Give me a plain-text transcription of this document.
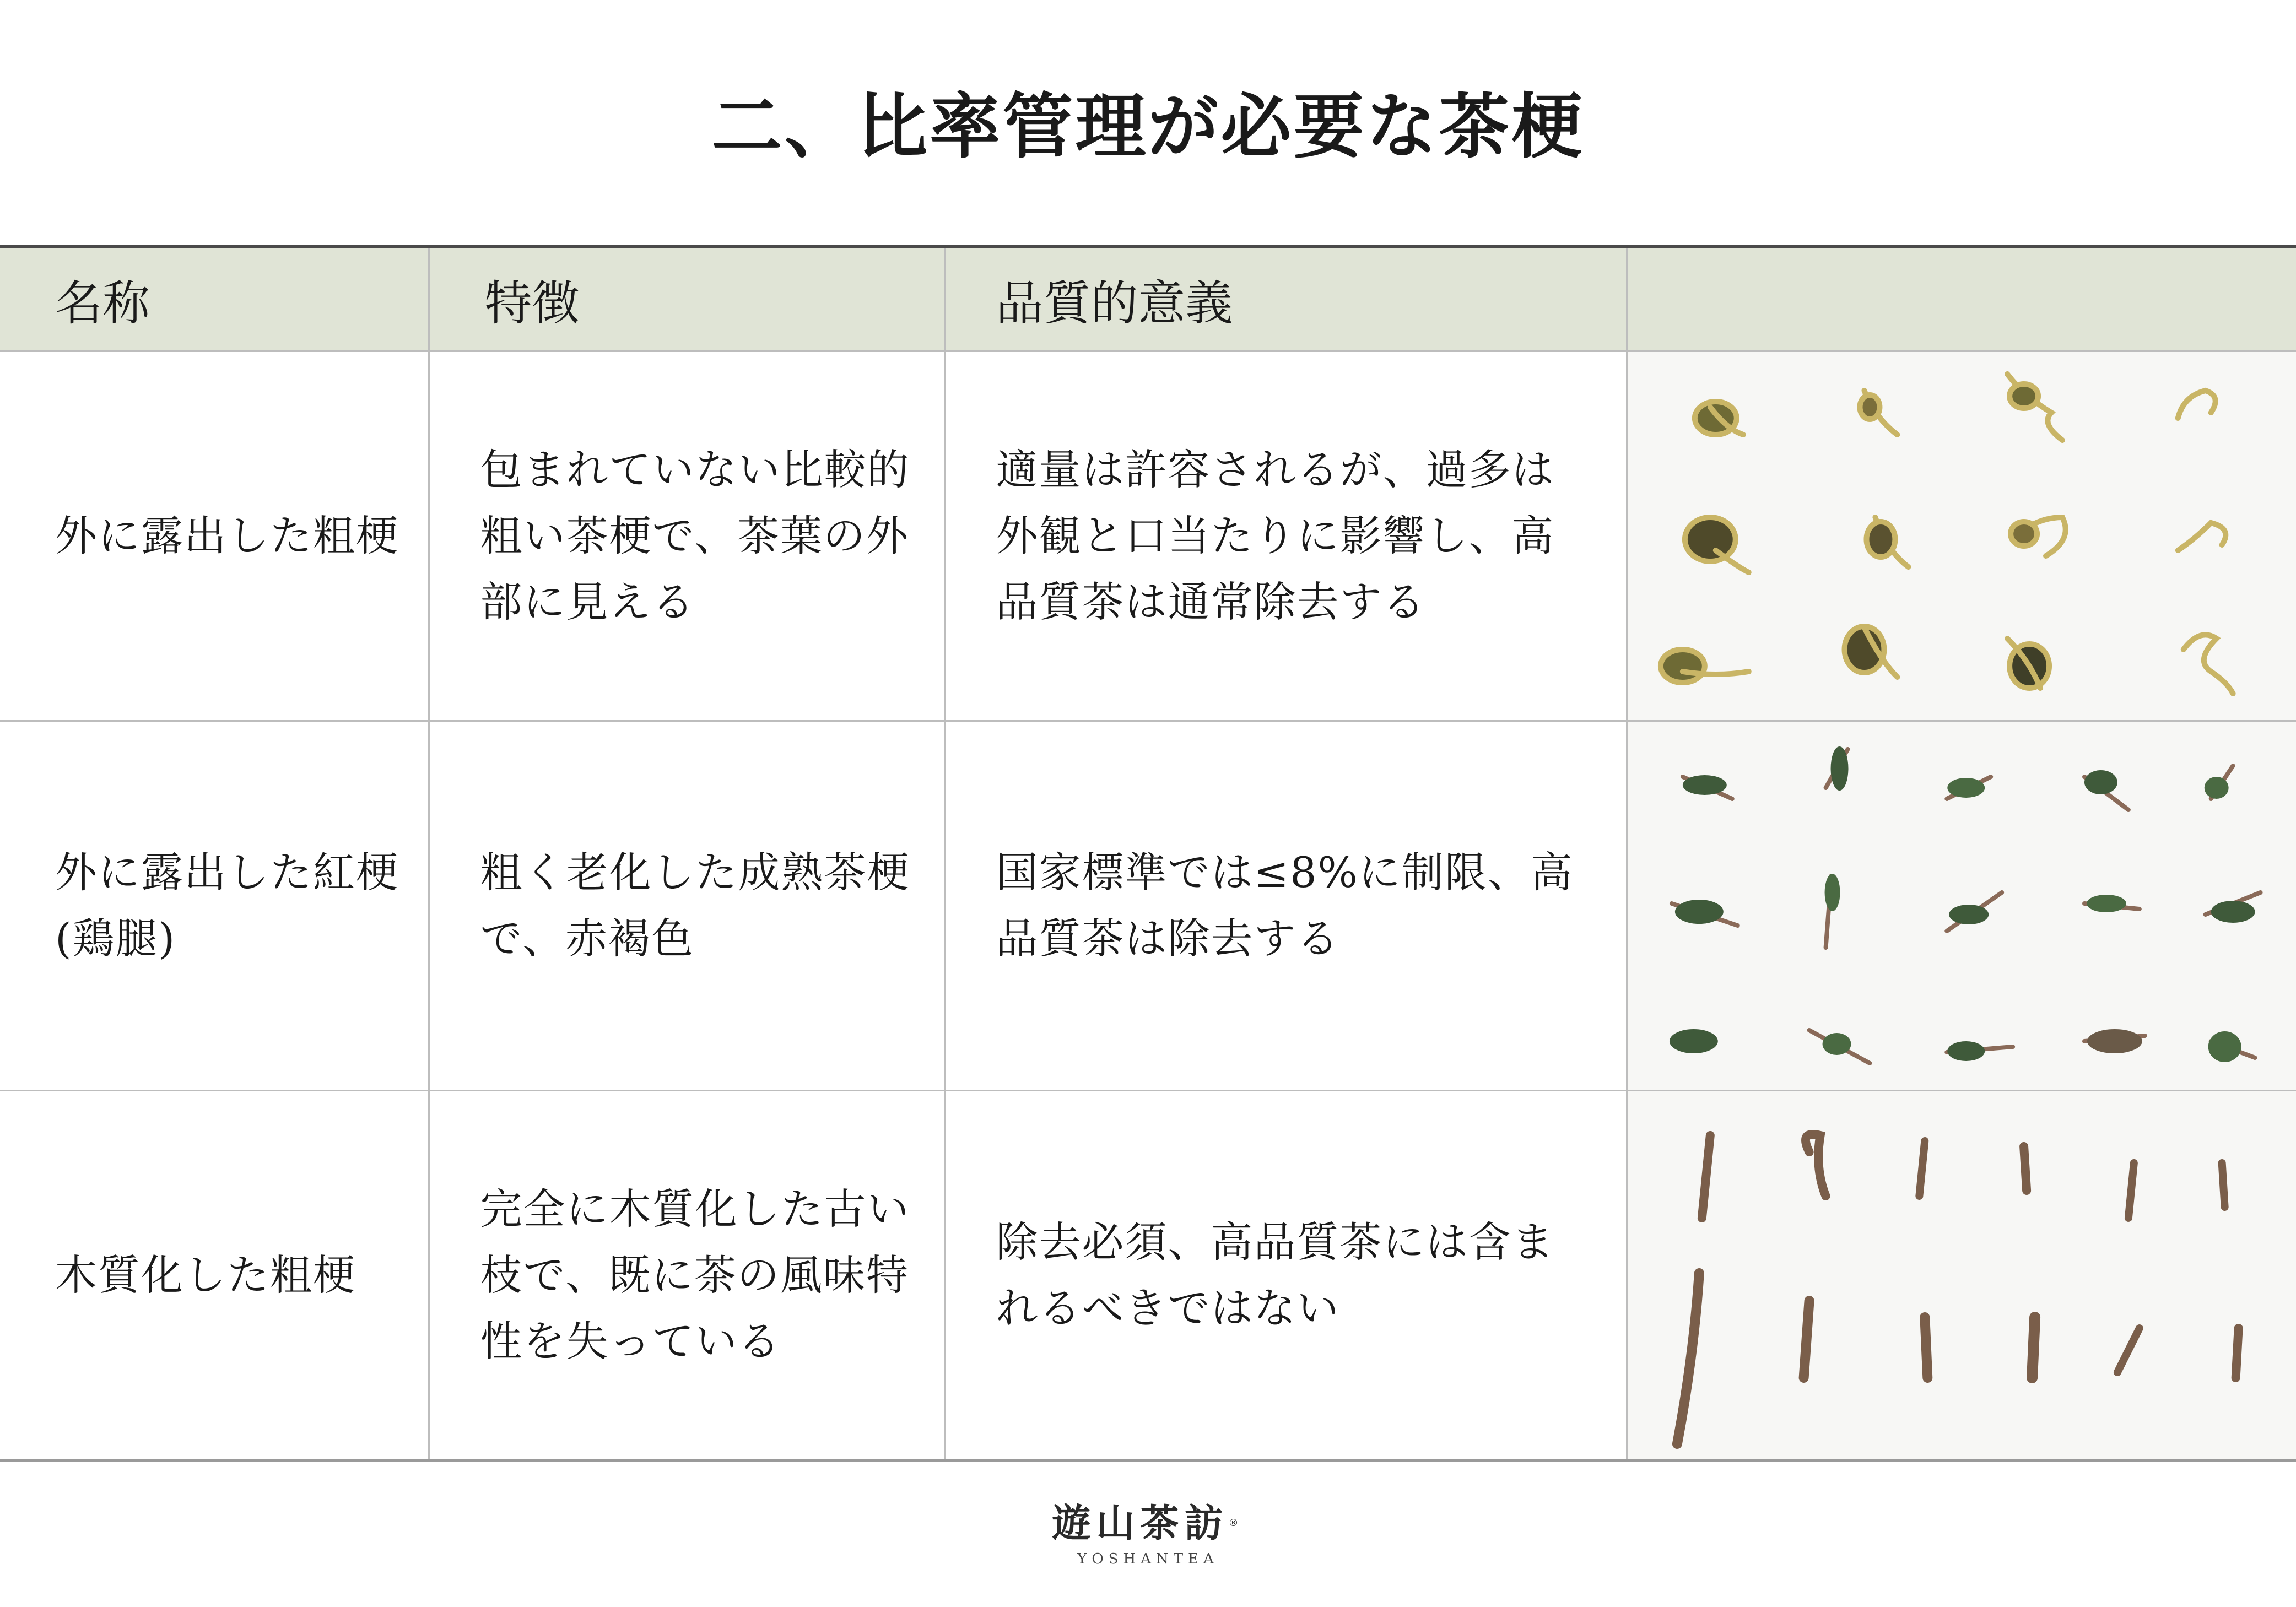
二、比率管理が必要な茶梗
名称	特徴	品質的意義	
外に露出した粗梗	包まれていない比較的粗い茶梗で、茶葉の外部に見える	適量は許容されるが、過多は外観と口当たりに影響し、高品質茶は通常除去する	

外に露出した紅梗(鶏腿)	粗く老化した成熟茶梗で、赤褐色	国家標準では≤8%に制限、高品質茶は除去する	

木質化した粗梗	完全に木質化した古い枝で、既に茶の風味特性を失っている	除去必須、高品質茶には含まれるべきではない	
遊山茶訪®
YOSHANTEA
